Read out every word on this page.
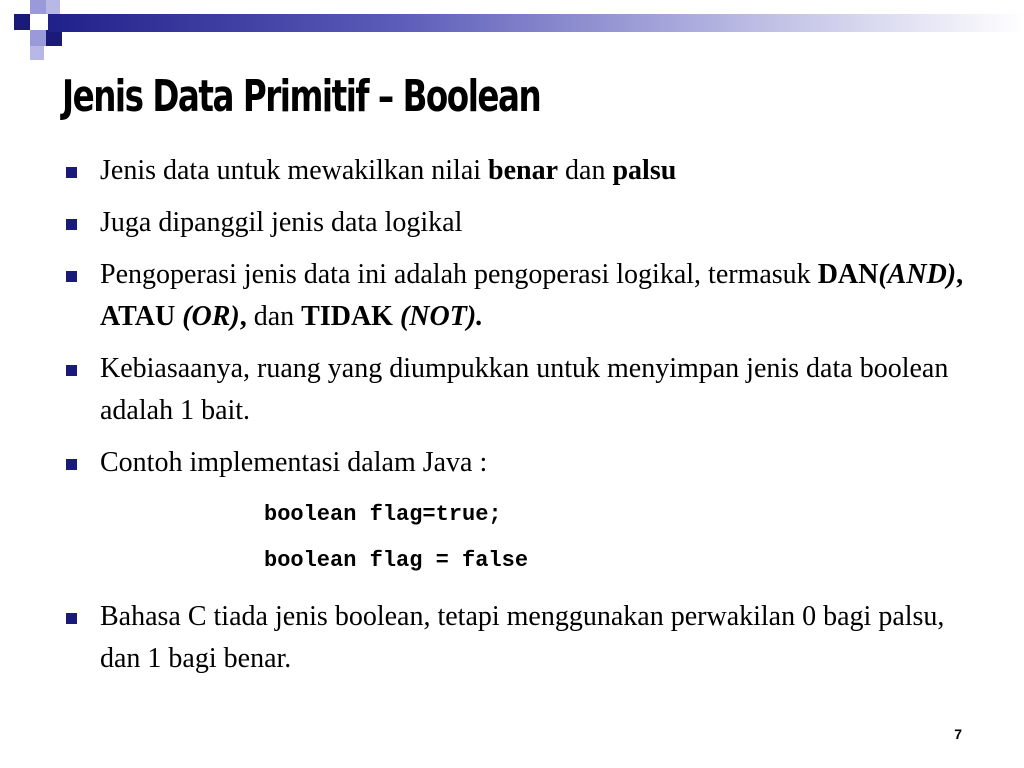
Jenis Data Primitif – Boolean
Jenis data untuk mewakilkan nilai benar dan palsu
Juga dipanggil jenis data logikal
Pengoperasi jenis data ini adalah pengoperasi logikal, termasuk DAN(AND), ATAU (OR), dan TIDAK (NOT).
Kebiasaanya, ruang yang diumpukkan untuk menyimpan jenis data boolean adalah 1 bait.
Contoh implementasi dalam Java :
boolean flag=true;
boolean flag = false
Bahasa C tiada jenis boolean, tetapi menggunakan perwakilan 0 bagi palsu, dan 1 bagi benar.
7
